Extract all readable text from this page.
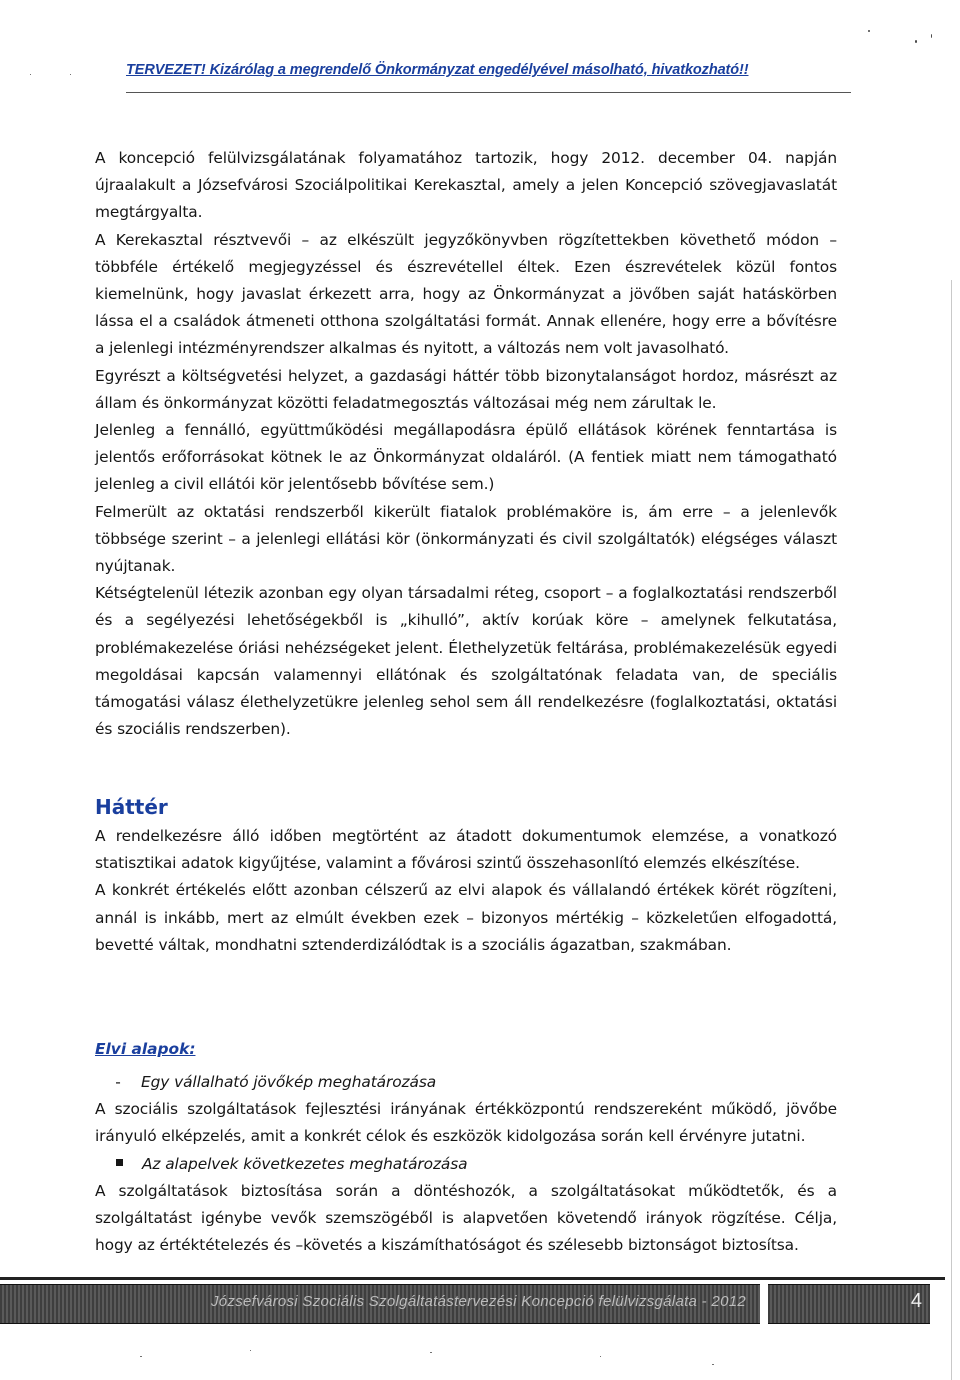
TERVEZET! Kizárólag a megrendelő Önkormányzat engedélyével másolható, hivatkozható!!

A koncepció felülvizsgálatának folyamatához tartozik, hogy 2012. december 04. napján újraalakult a Józsefvárosi Szociálpolitikai Kerekasztal, amely a jelen Koncepció szövegjavaslatát megtárgyalta.

A Kerekasztal résztvevői – az elkészült jegyzőkönyvben rögzítettekben követhető módon – többféle értékelő megjegyzéssel és észrevétellel éltek. Ezen észrevételek közül fontos kiemelnünk, hogy javaslat érkezett arra, hogy az Önkormányzat a jövőben saját hatáskörben lássa el a családok átmeneti otthona szolgáltatási formát. Annak ellenére, hogy erre a bővítésre a jelenlegi intézményrendszer alkalmas és nyitott, a változás nem volt javasolható.

Egyrészt a költségvetési helyzet, a gazdasági háttér több bizonytalanságot hordoz, másrészt az állam és önkormányzat közötti feladatmegosztás változásai még nem zárultak le.

Jelenleg a fennálló, együttműködési megállapodásra épülő ellátások körének fenntartása is jelentős erőforrásokat kötnek le az Önkormányzat oldaláról. (A fentiek miatt nem támogatható jelenleg a civil ellátói kör jelentősebb bővítése sem.)

Felmerült az oktatási rendszerből kikerült fiatalok problémaköre is, ám erre – a jelenlevők többsége szerint – a jelenlegi ellátási kör (önkormányzati és civil szolgáltatók) elégséges választ nyújtanak.

Kétségtelenül létezik azonban egy olyan társadalmi réteg, csoport – a foglalkoztatási rendszerből és a segélyezési lehetőségekből is „kihulló”, aktív korúak köre – amelynek felkutatása, problémakezelése óriási nehézségeket jelent. Élethelyzetük feltárása, problémakezelésük egyedi megoldásai kapcsán valamennyi ellátónak és szolgáltatónak feladata van, de speciális támogatási válasz élethelyzetükre jelenleg sehol sem áll rendelkezésre (foglalkoztatási, oktatási és szociális rendszerben).

Háttér

A rendelkezésre álló időben megtörtént az átadott dokumentumok elemzése, a vonatkozó statisztikai adatok kigyűjtése, valamint a fővárosi szintű összehasonlító elemzés elkészítése.

A konkrét értékelés előtt azonban célszerű az elvi alapok és vállalandó értékek körét rögzíteni, annál is inkább, mert az elmúlt években ezek – bizonyos mértékig – közkeletűen elfogadottá, bevetté váltak, mondhatni sztenderdizálódtak is a szociális ágazatban, szakmában.

Elvi alapok:
- Egy vállalható jövőkép meghatározása

A szociális szolgáltatások fejlesztési irányának értékközpontú rendszereként működő, jövőbe irányuló elképzelés, amit a konkrét célok és eszközök kidolgozása során kell érvényre jutatni.

Az alapelvek következetes meghatározása

A szolgáltatások biztosítása során a döntéshozók, a szolgáltatásokat működtetők, és a szolgáltatást igénybe vevők szemszögéből is alapvetően követendő irányok rögzítése. Célja, hogy az értéktételezés és –követés a kiszámíthatóságot és szélesebb biztonságot biztosítsa.

Józsefvárosi Szociális Szolgáltatástervezési Koncepció felülvizsgálata - 2012	4
